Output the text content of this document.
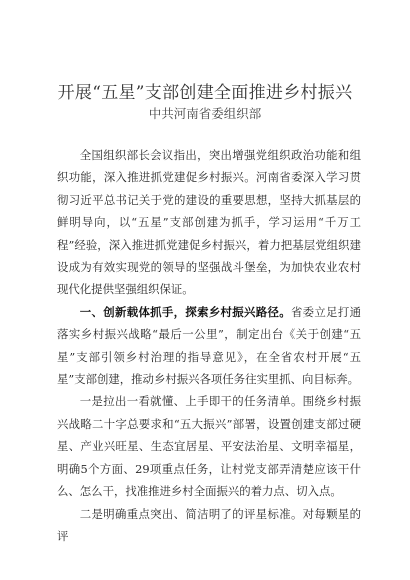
开展“五星”支部创建全面推进乡村振兴
中共河南省委组织部

全国组织部长会议指出，突出增强党组织政治功能和组织功能，深入推进抓党建促乡村振兴。河南省委深入学习贯彻习近平总书记关于党的建设的重要思想，坚持大抓基层的鲜明导向，以“五星”支部创建为抓手，学习运用“千万工程”经验，深入推进抓党建促乡村振兴，着力把基层党组织建设成为有效实现党的领导的坚强战斗堡垒，为加快农业农村现代化提供坚强组织保证。

一、创新载体抓手，探索乡村振兴路径。省委立足打通落实乡村振兴战略“最后一公里”，制定出台《关于创建“五星”支部引领乡村治理的指导意见》，在全省农村开展“五星”支部创建，推动乡村振兴各项任务往实里抓、向目标奔。

一是拉出一看就懂、上手即干的任务清单。围绕乡村振兴战略二十字总要求和“五大振兴”部署，设置创建支部过硬星、产业兴旺星、生态宜居星、平安法治星、文明幸福星，明确5个方面、29项重点任务，让村党支部弄清楚应该干什么、怎么干，找准推进乡村全面振兴的着力点、切入点。

二是明确重点突出、简洁明了的评星标准。对每颗星的评
